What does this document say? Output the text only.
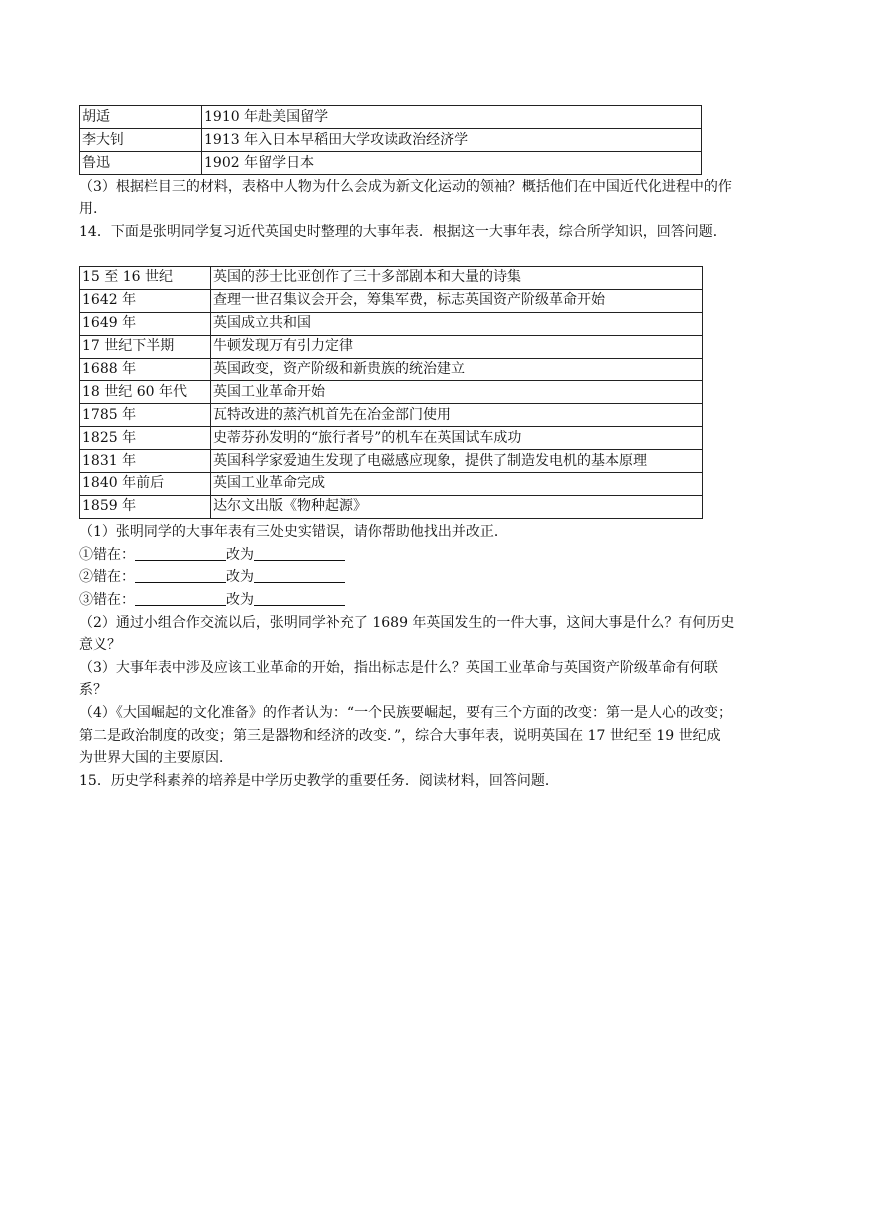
胡适	1910 年赴美国留学
李大钊	1913 年入日本早稻田大学攻读政治经济学
鲁迅	1902 年留学日本
（3）根据栏目三的材料，表格中人物为什么会成为新文化运动的领袖？概括他们在中国近代化进程中的作
用.
14．下面是张明同学复习近代英国史时整理的大事年表．根据这一大事年表，综合所学知识，回答问题．
15 至 16 世纪	英国的莎士比亚创作了三十多部剧本和大量的诗集
1642 年	查理一世召集议会开会，筹集军费，标志英国资产阶级革命开始
1649 年	英国成立共和国
17 世纪下半期	牛顿发现万有引力定律
1688 年	英国政变，资产阶级和新贵族的统治建立
18 世纪 60 年代	英国工业革命开始
1785 年	瓦特改进的蒸汽机首先在冶金部门使用
1825 年	史蒂芬孙发明的“旅行者号”的机车在英国试车成功
1831 年	英国科学家爱迪生发现了电磁感应现象，提供了制造发电机的基本原理
1840 年前后	英国工业革命完成
1859 年	达尔文出版《物种起源》
（1）张明同学的大事年表有三处史实错误，请你帮助他找出并改正．
①错在：	改为
②错在：	改为
③错在：	改为
（2）通过小组合作交流以后，张明同学补充了 1689 年英国发生的一件大事，这间大事是什么？有何历史
意义？
（3）大事年表中涉及应该工业革命的开始，指出标志是什么？英国工业革命与英国资产阶级革命有何联
系？
（4）《大国崛起的文化准备》的作者认为：“一个民族要崛起，要有三个方面的改变：第一是人心的改变；
第二是政治制度的改变；第三是器物和经济的改变．”，综合大事年表，说明英国在 17 世纪至 19 世纪成
为世界大国的主要原因．
15．历史学科素养的培养是中学历史教学的重要任务．阅读材料，回答问题．
